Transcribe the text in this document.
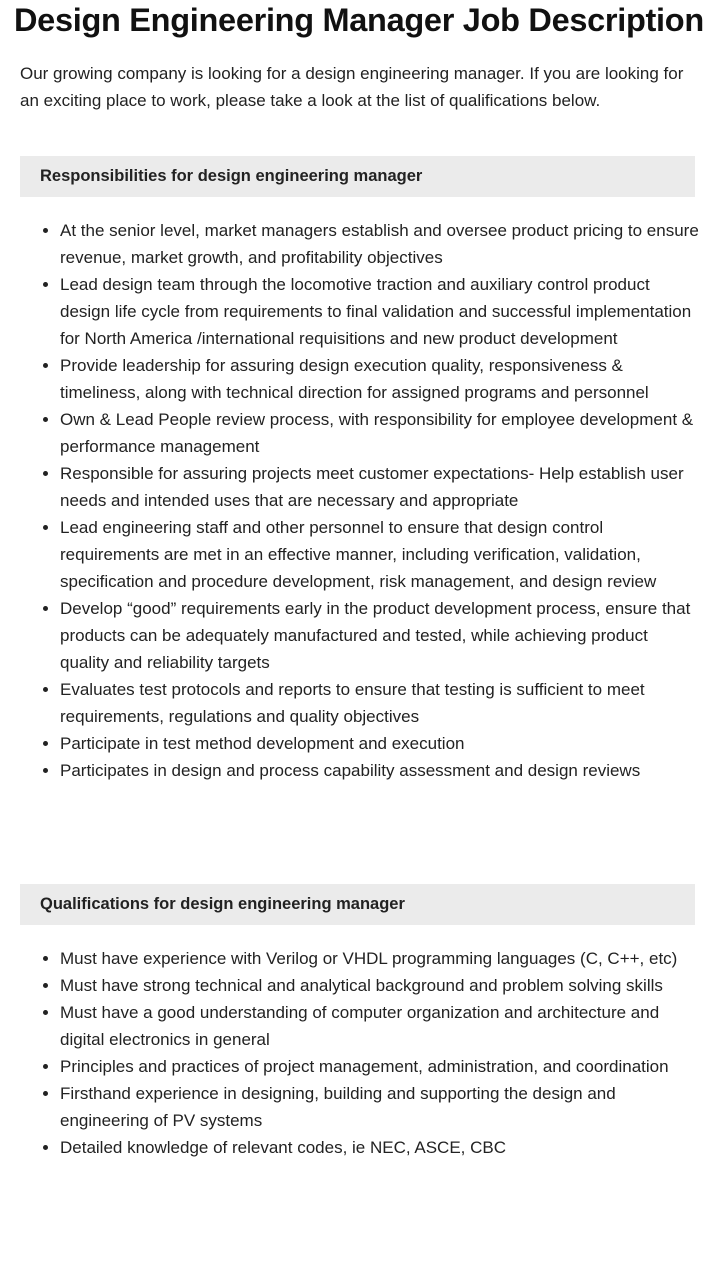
Design Engineering Manager Job Description

Our growing company is looking for a design engineering manager. If you are looking for an exciting place to work, please take a look at the list of qualifications below.

Responsibilities for design engineering manager
• At the senior level, market managers establish and oversee product pricing to ensure revenue, market growth, and profitability objectives
• Lead design team through the locomotive traction and auxiliary control product design life cycle from requirements to final validation and successful implementation for North America /international requisitions and new product development
• Provide leadership for assuring design execution quality, responsiveness & timeliness, along with technical direction for assigned programs and personnel
• Own & Lead People review process, with responsibility for employee development & performance management
• Responsible for assuring projects meet customer expectations- Help establish user needs and intended uses that are necessary and appropriate
• Lead engineering staff and other personnel to ensure that design control requirements are met in an effective manner, including verification, validation, specification and procedure development, risk management, and design review
• Develop “good” requirements early in the product development process, ensure that products can be adequately manufactured and tested, while achieving product quality and reliability targets
• Evaluates test protocols and reports to ensure that testing is sufficient to meet requirements, regulations and quality objectives
• Participate in test method development and execution
• Participates in design and process capability assessment and design reviews
Qualifications for design engineering manager
• Must have experience with Verilog or VHDL programming languages (C, C++, etc)
• Must have strong technical and analytical background and problem solving skills
• Must have a good understanding of computer organization and architecture and digital electronics in general
• Principles and practices of project management, administration, and coordination
• Firsthand experience in designing, building and supporting the design and engineering of PV systems
• Detailed knowledge of relevant codes, ie NEC, ASCE, CBC
